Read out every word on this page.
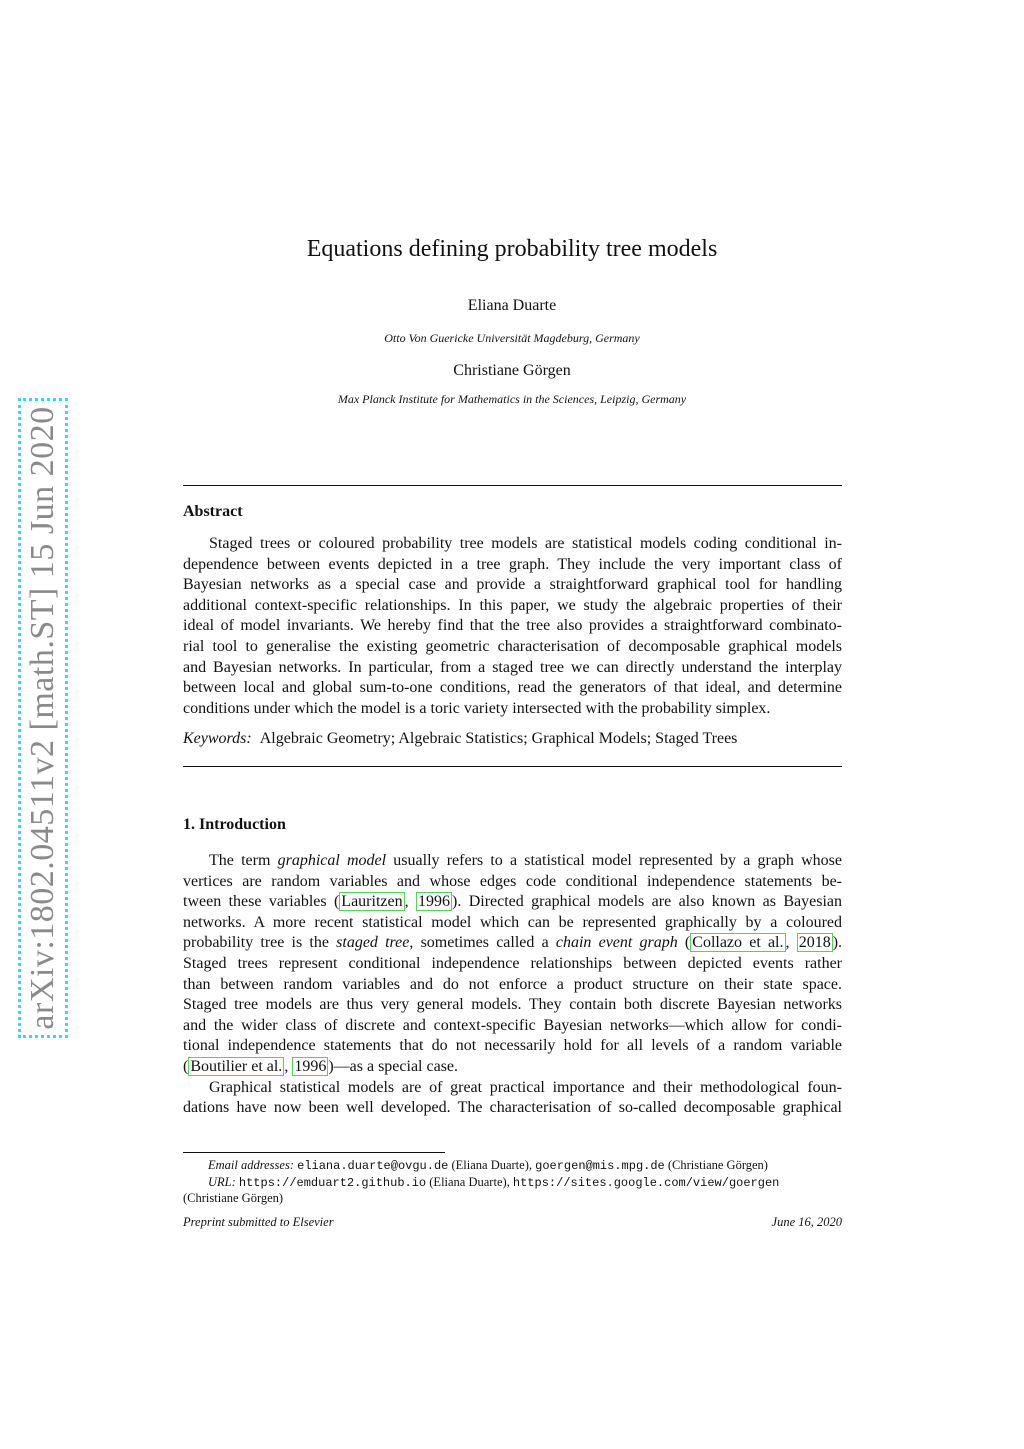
arXiv:1802.04511v2 [math.ST] 15 Jun 2020
Equations defining probability tree models
Eliana Duarte
Otto Von Guericke Universität Magdeburg, Germany
Christiane Görgen
Max Planck Institute for Mathematics in the Sciences, Leipzig, Germany
Abstract
Staged trees or coloured probability tree models are statistical models coding conditional in-
dependence between events depicted in a tree graph. They include the very important class of
Bayesian networks as a special case and provide a straightforward graphical tool for handling
additional context-specific relationships. In this paper, we study the algebraic properties of their
ideal of model invariants. We hereby find that the tree also provides a straightforward combinato-
rial tool to generalise the existing geometric characterisation of decomposable graphical models
and Bayesian networks. In particular, from a staged tree we can directly understand the interplay
between local and global sum-to-one conditions, read the generators of that ideal, and determine
conditions under which the model is a toric variety intersected with the probability simplex.
Keywords: Algebraic Geometry; Algebraic Statistics; Graphical Models; Staged Trees
1. Introduction
The term graphical model usually refers to a statistical model represented by a graph whose
vertices are random variables and whose edges code conditional independence statements be-
tween these variables ( Lauritzen , 1996 ). Directed graphical models are also known as Bayesian
networks. A more recent statistical model which can be represented graphically by a coloured
probability tree is the staged tree, sometimes called a chain event graph ( Collazo et al. , 2018 ).
Staged trees represent conditional independence relationships between depicted events rather
than between random variables and do not enforce a product structure on their state space.
Staged tree models are thus very general models. They contain both discrete Bayesian networks
and the wider class of discrete and context-specific Bayesian networks—which allow for condi-
tional independence statements that do not necessarily hold for all levels of a random variable
( Boutilier et al. , 1996 )—as a special case.
Graphical statistical models are of great practical importance and their methodological foun-
dations have now been well developed. The characterisation of so-called decomposable graphical
Email addresses: eliana.duarte@ovgu.de (Eliana Duarte), goergen@mis.mpg.de (Christiane Görgen)
URL: https://emduart2.github.io (Eliana Duarte), https://sites.google.com/view/goergen
(Christiane Görgen)
Preprint submitted to Elsevier	June 16, 2020
